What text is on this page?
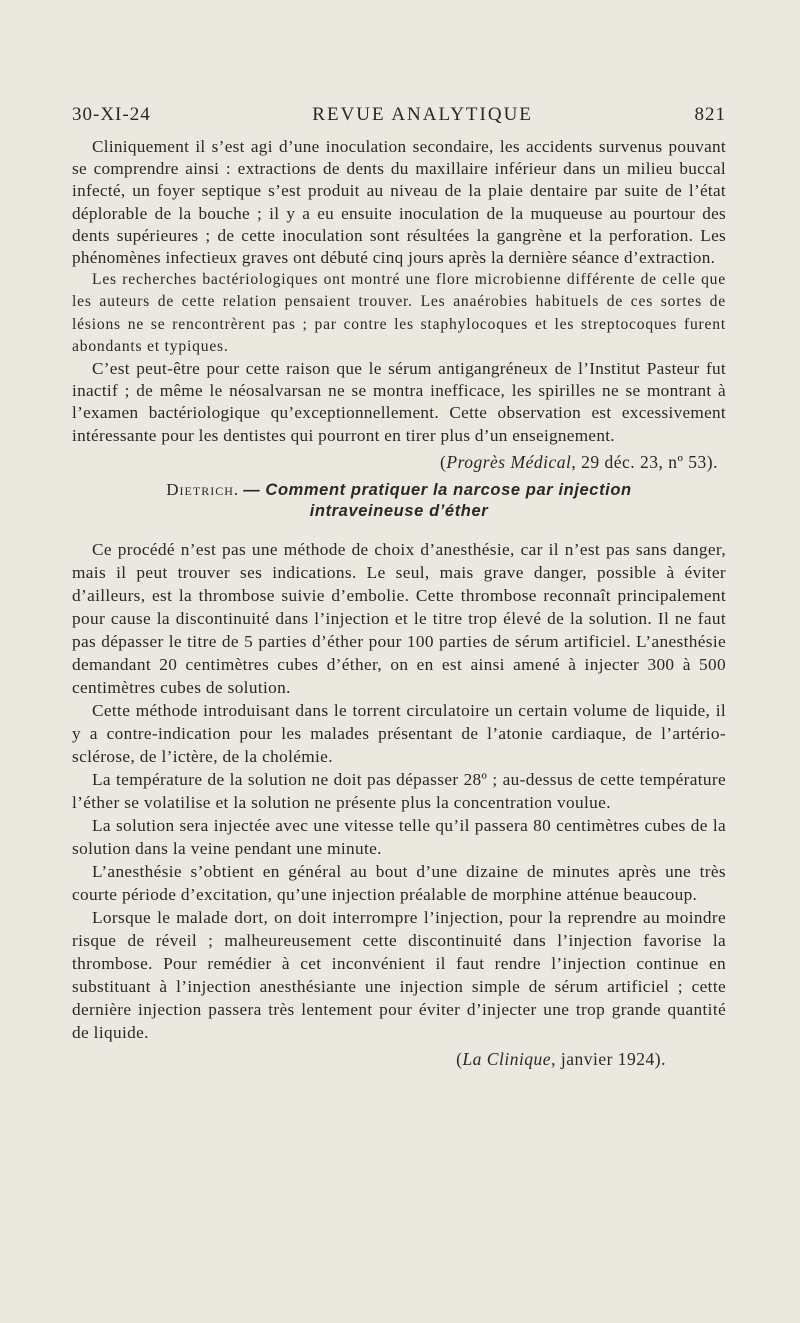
30-XI-24	REVUE ANALYTIQUE	821

Cliniquement il s’est agi d’une inoculation secondaire, les accidents survenus pouvant se comprendre ainsi : extractions de dents du maxillaire inférieur dans un milieu buccal infecté, un foyer septique s’est produit au niveau de la plaie dentaire par suite de l’état déplorable de la bouche ; il y a eu ensuite inoculation de la muqueuse au pourtour des dents supérieures ; de cette inoculation sont résultées la gangrène et la perforation. Les phénomènes infectieux graves ont débuté cinq jours après la dernière séance d’extraction.

Les recherches bactériologiques ont montré une flore microbienne différente de celle que les auteurs de cette relation pensaient trouver. Les anaérobies habituels de ces sortes de lésions ne se rencontrèrent pas ; par contre les staphylocoques et les streptocoques furent abondants et typiques.

C’est peut-être pour cette raison que le sérum antigangréneux de l’Institut Pasteur fut inactif ; de même le néosalvarsan ne se montra inefficace, les spirilles ne se montrant à l’examen bactériologique qu’exceptionnellement. Cette observation est excessivement intéressante pour les dentistes qui pourront en tirer plus d’un enseignement.

(Progrès Médical, 29 déc. 23, nº 53).
Dietrich. — Comment pratiquer la narcose par injection
intraveineuse d’éther

Ce procédé n’est pas une méthode de choix d’anesthésie, car il n’est pas sans danger, mais il peut trouver ses indications. Le seul, mais grave danger, possible à éviter d’ailleurs, est la thrombose suivie d’embolie. Cette thrombose reconnaît principalement pour cause la discontinuité dans l’injection et le titre trop élevé de la solution. Il ne faut pas dépasser le titre de 5 parties d’éther pour 100 parties de sérum artificiel. L’anesthésie demandant 20 centimètres cubes d’éther, on en est ainsi amené à injecter 300 à 500 centimètres cubes de solution.

Cette méthode introduisant dans le torrent circulatoire un certain volume de liquide, il y a contre-indication pour les malades présentant de l’atonie cardiaque, de l’artério-sclérose, de l’ictère, de la cholémie.

La température de la solution ne doit pas dépasser 28º ; au-dessus de cette température l’éther se volatilise et la solution ne présente plus la concentration voulue.

La solution sera injectée avec une vitesse telle qu’il passera 80 centimètres cubes de la solution dans la veine pendant une minute.

L’anesthésie s’obtient en général au bout d’une dizaine de minutes après une très courte période d’excitation, qu’une injection préalable de morphine atténue beaucoup.

Lorsque le malade dort, on doit interrompre l’injection, pour la reprendre au moindre risque de réveil ; malheureusement cette discontinuité dans l’injection favorise la thrombose. Pour remédier à cet inconvénient il faut rendre l’injection continue en substituant à l’injection anesthésiante une injection simple de sérum artificiel ; cette dernière injection passera très lentement pour éviter d’injecter une trop grande quantité de liquide.

(La Clinique, janvier 1924).
